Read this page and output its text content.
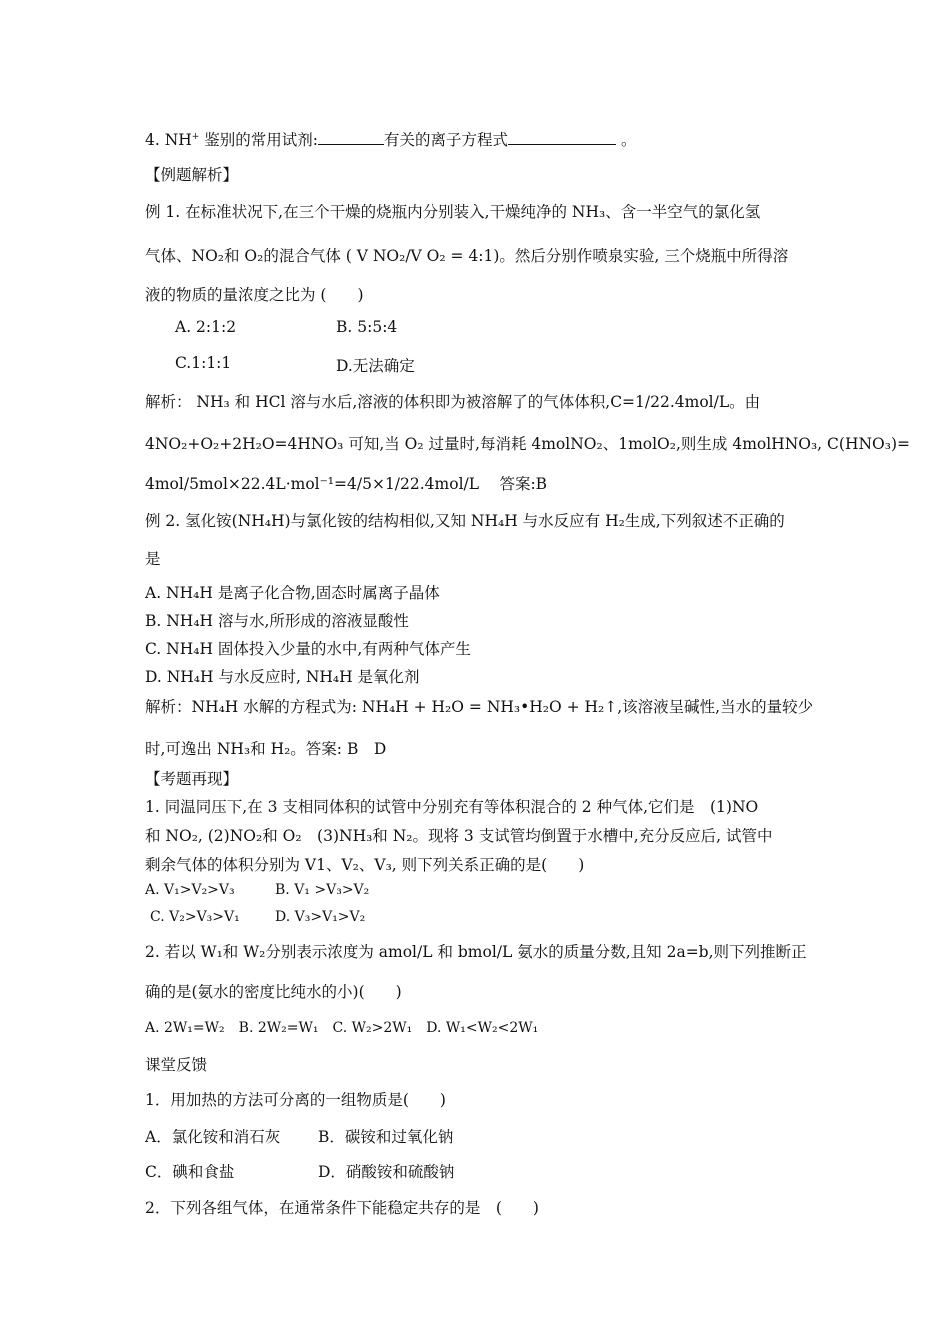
4. NH+ 鉴别的常用试剂:	有关的离子方程式	。
【例题解析】
例 1. 在标准状况下,在三个干燥的烧瓶内分别装入,干燥纯净的 NH₃、含一半空气的氯化氢
气体、NO₂和 O₂的混合气体 ( V NO₂/V O₂ = 4:1)。然后分别作喷泉实验, 三个烧瓶中所得溶
液的物质的量浓度之比为 (　　)
A. 2:1:2	B. 5:5:4
C.1:1:1	D.无法确定
解析： NH₃ 和 HCl 溶与水后,溶液的体积即为被溶解了的气体体积,C=1/22.4mol/L。由
4NO₂+O₂+2H₂O=4HNO₃ 可知,当 O₂ 过量时,每消耗 4molNO₂、1molO₂,则生成 4molHNO₃, C(HNO₃)=
4mol/5mol×22.4L·mol⁻¹=4/5×1/22.4mol/L　 答案:B
例 2. 氢化铵(NH₄H)与氯化铵的结构相似,又知 NH₄H 与水反应有 H₂生成,下列叙述不正确的
是
A. NH₄H 是离子化合物,固态时属离子晶体
B. NH₄H 溶与水,所形成的溶液显酸性
C. NH₄H 固体投入少量的水中,有两种气体产生
D. NH₄H 与水反应时, NH₄H 是氧化剂
解析：NH₄H 水解的方程式为: NH₄H + H₂O = NH₃•H₂O + H₂↑,该溶液呈碱性,当水的量较少
时,可逸出 NH₃和 H₂。答案: B　D
【考题再现】
1. 同温同压下,在 3 支相同体积的试管中分别充有等体积混合的 2 种气体,它们是　(1)NO
和 NO₂, (2)NO₂和 O₂　(3)NH₃和 N₂。现将 3 支试管均倒置于水槽中,充分反应后, 试管中
剩余气体的体积分别为 V1、V₂、V₃, 则下列关系正确的是(　　)
A. V₁>V₂>V₃	B. V₁ >V₃>V₂
C. V₂>V₃>V₁	D. V₃>V₁>V₂
2. 若以 W₁和 W₂分别表示浓度为 amol/L 和 bmol/L 氨水的质量分数,且知 2a=b,则下列推断正
确的是(氨水的密度比纯水的小)(　　)
A. 2W₁=W₂　B. 2W₂=W₁　C. W₂>2W₁　D. W₁<W₂<2W₁
课堂反馈
1．用加热的方法可分离的一组物质是(　　)
A．氯化铵和消石灰 B．碳铵和过氧化钠
C．碘和食盐	D．硝酸铵和硫酸钠
2．下列各组气体，在通常条件下能稳定共存的是　(　　)
